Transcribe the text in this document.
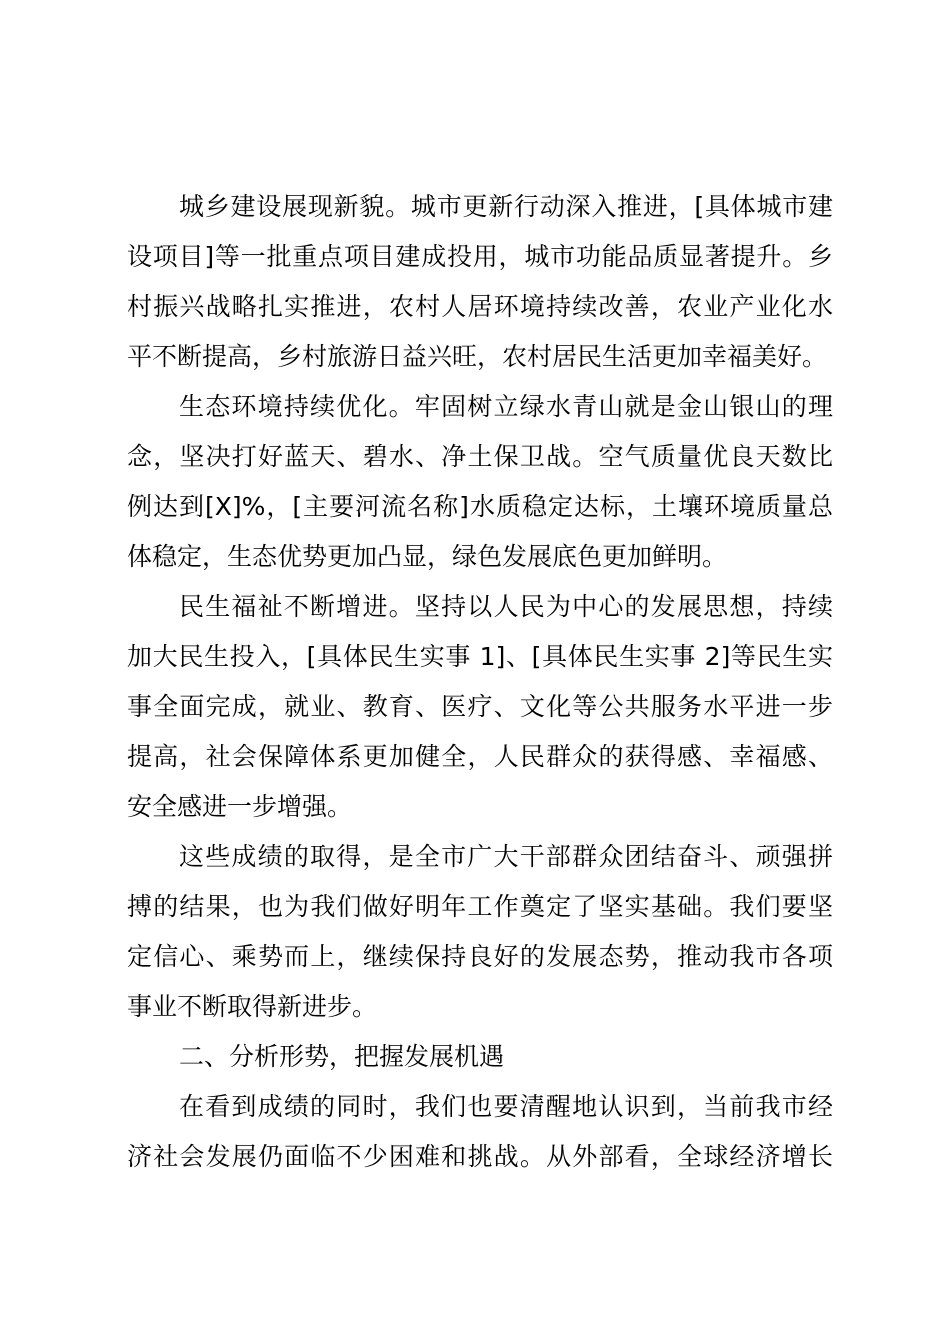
城乡建设展现新貌。城市更新行动深入推进，[具体城市建
设项目]等一批重点项目建成投用，城市功能品质显著提升。乡
村振兴战略扎实推进，农村人居环境持续改善，农业产业化水
平不断提高，乡村旅游日益兴旺，农村居民生活更加幸福美好。
生态环境持续优化。牢固树立绿水青山就是金山银山的理
念，坚决打好蓝天、碧水、净土保卫战。空气质量优良天数比
例达到[X]%，[主要河流名称]水质稳定达标，土壤环境质量总
体稳定，生态优势更加凸显，绿色发展底色更加鲜明。
民生福祉不断增进。坚持以人民为中心的发展思想，持续
加大民生投入，[具体民生实事 1]、[具体民生实事 2]等民生实
事全面完成，就业、教育、医疗、文化等公共服务水平进一步
提高，社会保障体系更加健全，人民群众的获得感、幸福感、
安全感进一步增强。
这些成绩的取得，是全市广大干部群众团结奋斗、顽强拼
搏的结果，也为我们做好明年工作奠定了坚实基础。我们要坚
定信心、乘势而上，继续保持良好的发展态势，推动我市各项
事业不断取得新进步。
二、分析形势，把握发展机遇
在看到成绩的同时，我们也要清醒地认识到，当前我市经
济社会发展仍面临不少困难和挑战。从外部看，全球经济增长
